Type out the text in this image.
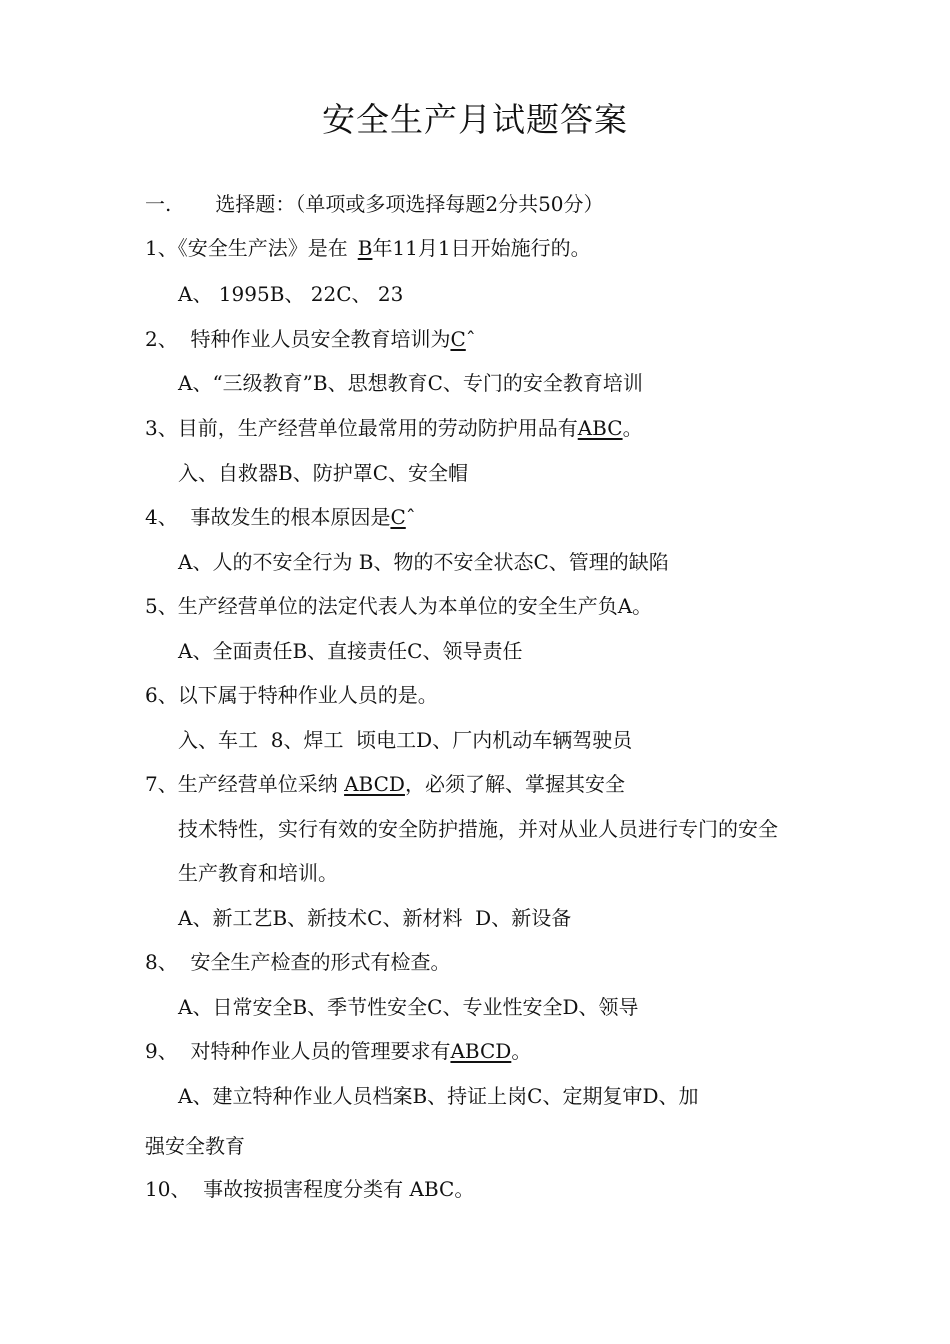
安全生产月试题答案
一. 选择题：（单项或多项选择每题2分共50分）
1、《安全生产法》是在 B年11月1日开始施行的。
A、 1995B、 22C、 23
2、  特种作业人员安全教育培训为Cˆ
A、“三级教育”B、思想教育C、专门的安全教育培训
3、目前，生产经营单位最常用的劳动防护用品有ABC。
入、自救器B、防护罩C、安全帽
4、  事故发生的根本原因是Cˆ
A、人的不安全行为 B、物的不安全状态C、管理的缺陷
5、生产经营单位的法定代表人为本单位的安全生产负A。
A、全面责任B、直接责任C、领导责任
6、以下属于特种作业人员的是。
入、车工  8、焊工  顷电工D、厂内机动车辆驾驶员
7、生产经营单位采纳 ABCD，必须了解、掌握其安全
技术特性，实行有效的安全防护措施，并对从业人员进行专门的安全
生产教育和培训。
A、新工艺B、新技术C、新材料  D、新设备
8、  安全生产检查的形式有检查。
A、日常安全B、季节性安全C、专业性安全D、领导
9、  对特种作业人员的管理要求有ABCD。
A、建立特种作业人员档案B、持证上岗C、定期复审D、加
强安全教育
10、  事故按损害程度分类有 ABC。
